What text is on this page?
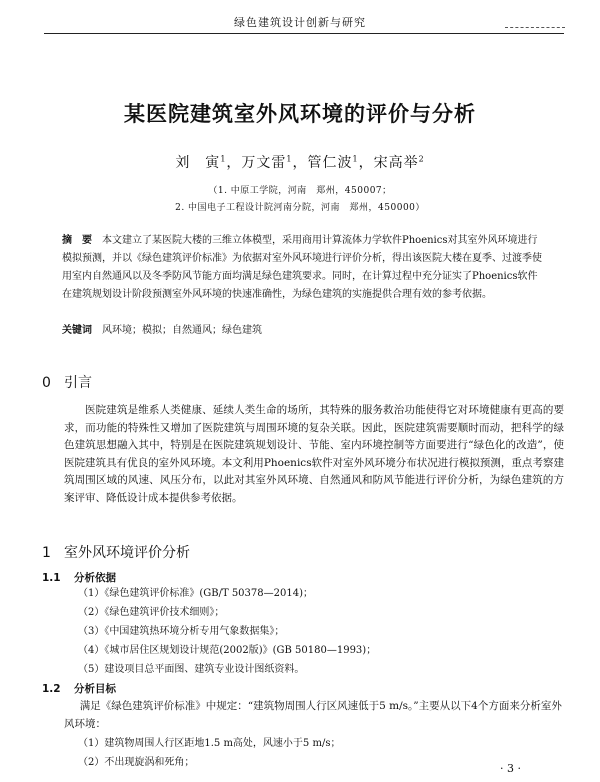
绿色建筑设计创新与研究
某医院建筑室外风环境的评价与分析
刘　寅$^1$，万文雷$^1$，管仁波$^1$，宋高举$^2$
（1. 中原工学院，河南　郑州，450007；
2. 中国电子工程设计院河南分院，河南　郑州，450000）
摘　要 本文建立了某医院大楼的三维立体模型，采用商用计算流体力学软件Phoenics对其室外风环境进行模拟预测，并以《绿色建筑评价标准》为依据对室外风环境进行评价分析，得出该医院大楼在夏季、过渡季使用室内自然通风以及冬季防风节能方面均满足绿色建筑要求。同时，在计算过程中充分证实了Phoenics软件在建筑规划设计阶段预测室外风环境的快速准确性，为绿色建筑的实施提供合理有效的参考依据。
关键词 风环境；模拟；自然通风；绿色建筑
0 引言
医院建筑是维系人类健康、延续人类生命的场所，其特殊的服务救治功能使得它对环境健康有更高的要求，而功能的特殊性又增加了医院建筑与周围环境的复杂关联。因此，医院建筑需要顺时而动，把科学的绿色建筑思想融入其中，特别是在医院建筑规划设计、节能、室内环境控制等方面要进行“绿色化的改造”，使医院建筑具有优良的室外风环境。本文利用Phoenics软件对室外风环境分布状况进行模拟预测，重点考察建筑周围区域的风速、风压分布，以此对其室外风环境、自然通风和防风节能进行评价分析，为绿色建筑的方案评审、降低设计成本提供参考依据。
1 室外风环境评价分析
1.1 分析依据
（1）《绿色建筑评价标准》(GB/T 50378—2014)；
（2）《绿色建筑评价技术细则》；
（3）《中国建筑热环境分析专用气象数据集》；
（4）《城市居住区规划设计规范(2002版)》(GB 50180—1993)；
（5）建设项目总平面图、建筑专业设计图纸资料。
1.2 分析目标
满足《绿色建筑评价标准》中规定：“建筑物周围人行区风速低于5 m/s。”主要从以下4个方面来分析室外风环境：
（1）建筑物周围人行区距地1.5 m高处，风速小于5 m/s；
（2）不出现旋涡和死角；	· 3 ·
